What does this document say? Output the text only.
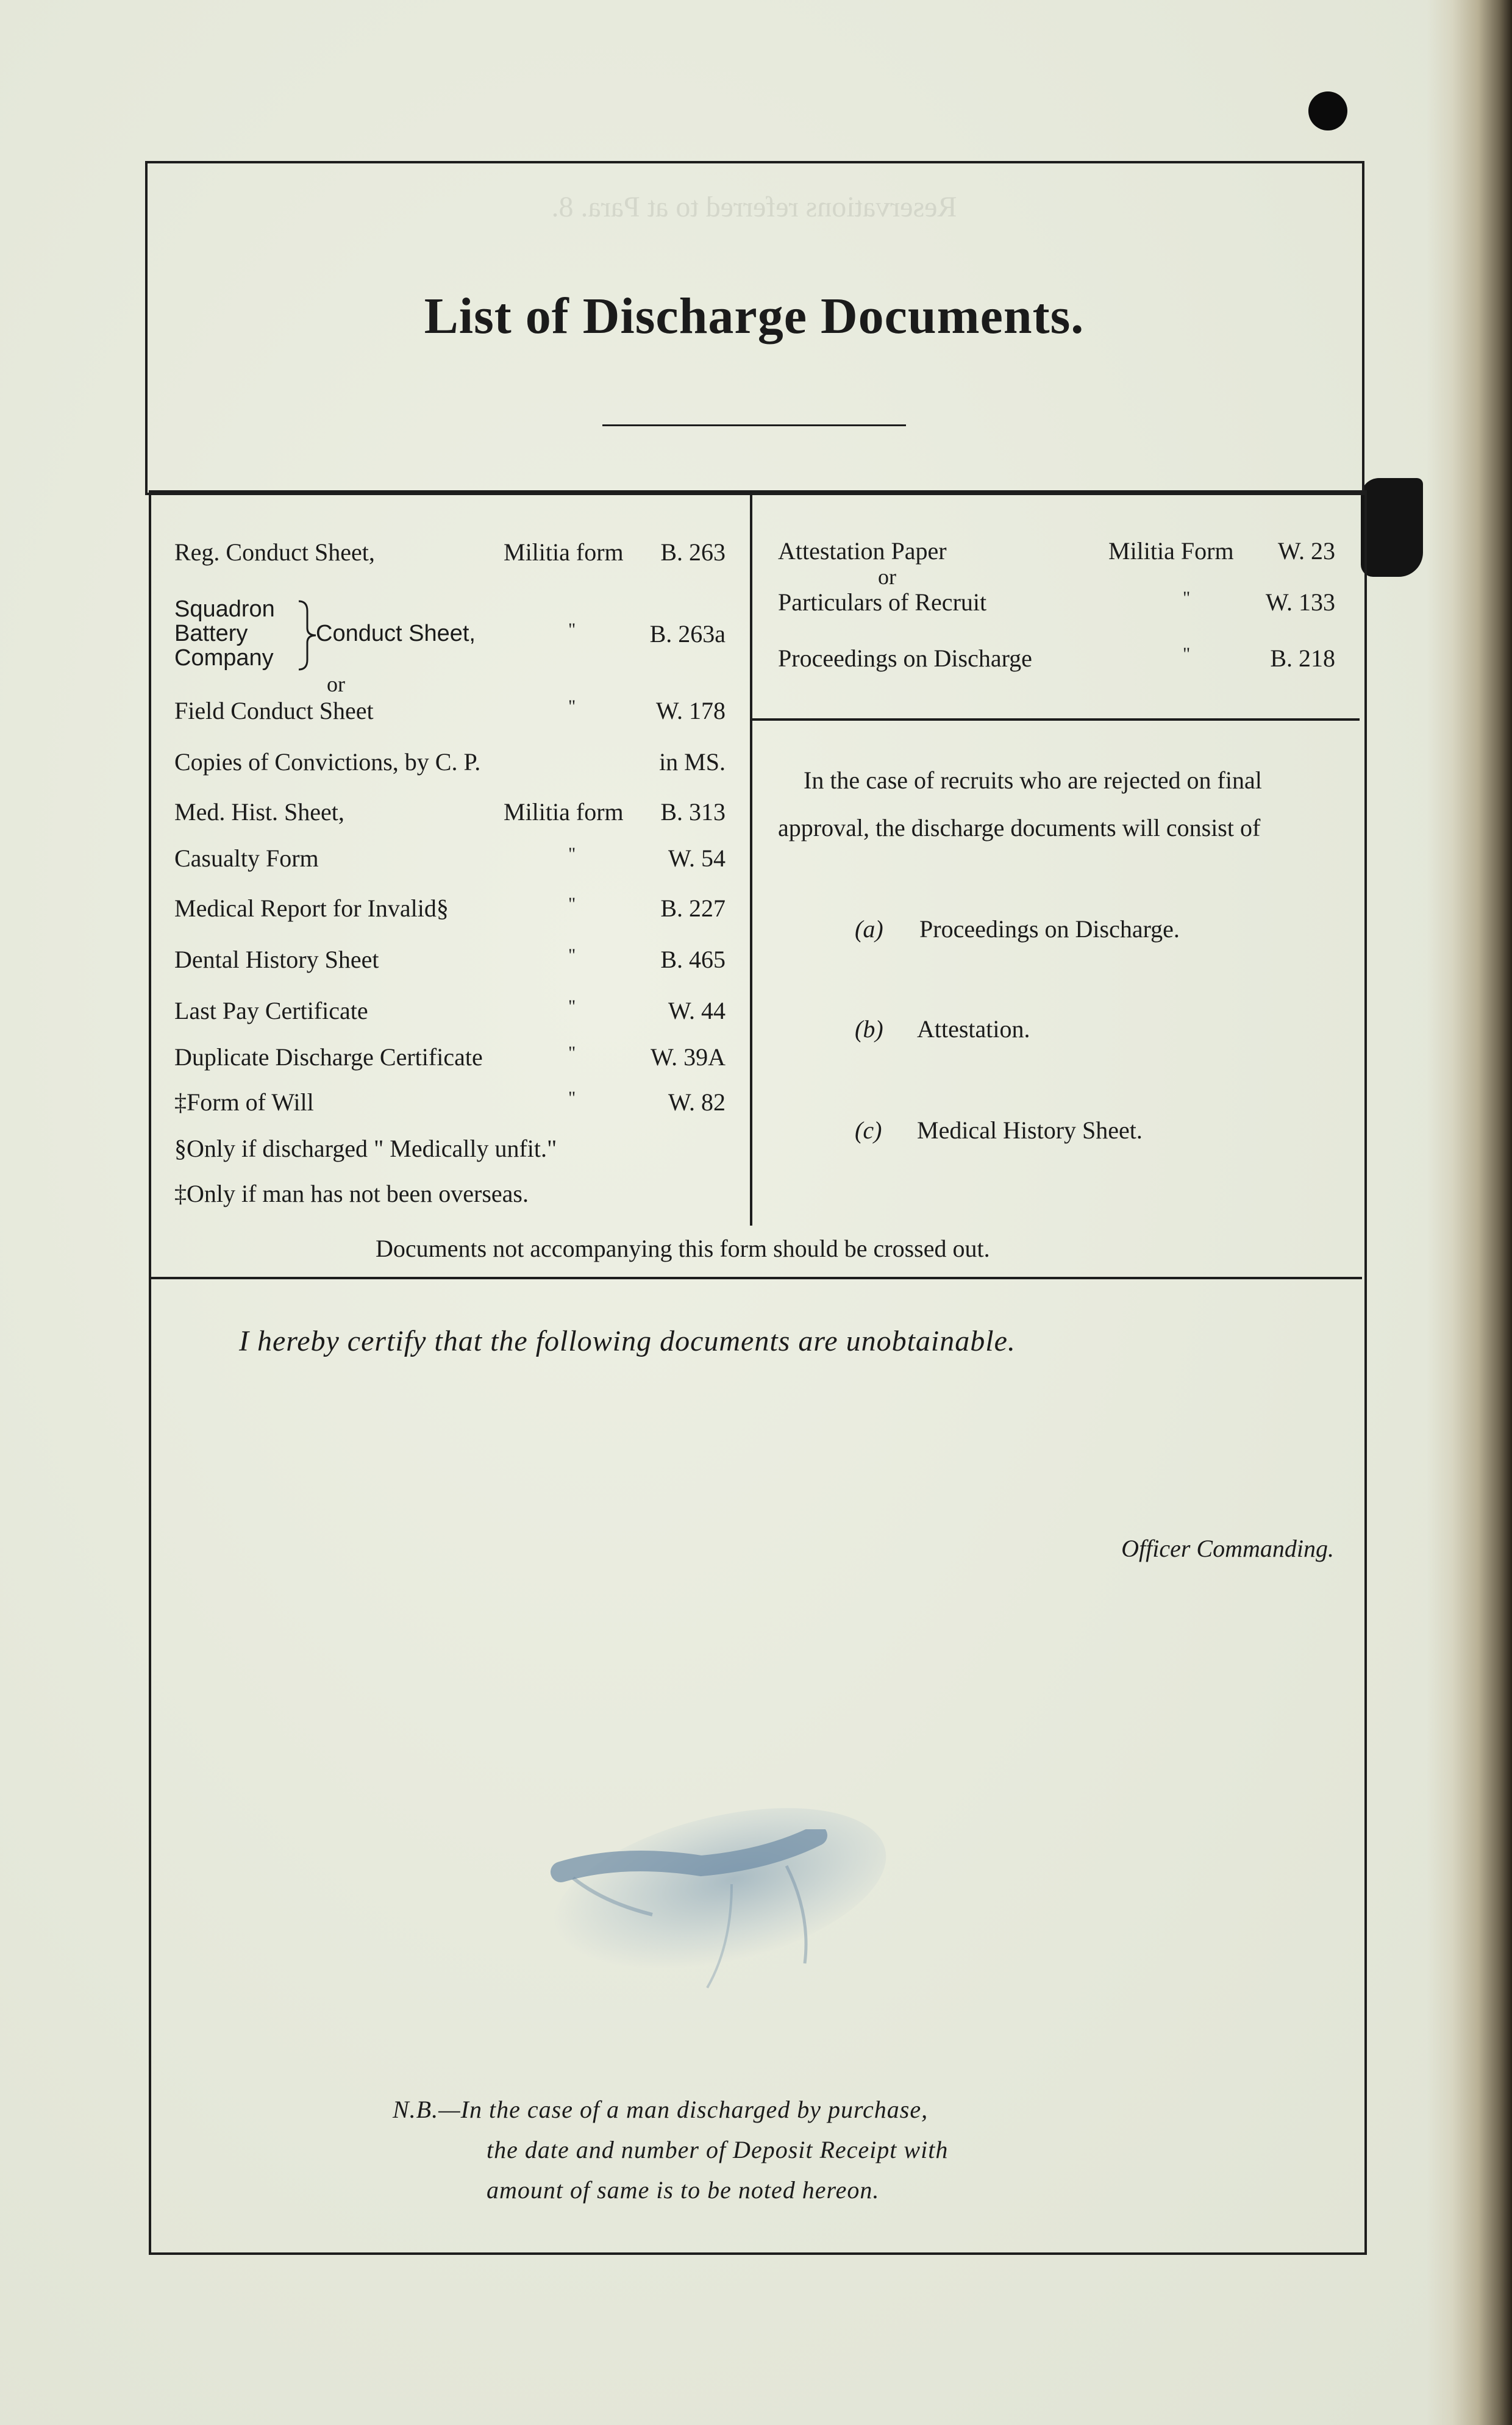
Reservations referred to at Para. 8.
List of Discharge Documents.
Reg. Conduct Sheet,	Militia form B. 263
Squadron
Battery
Company
Conduct Sheet,	"	B. 263a
or
Field Conduct Sheet	"	W. 178
Copies of Convictions, by C. P.	in MS.
Med. Hist. Sheet,	Militia form B. 313
Casualty Form	"	W. 54
Medical Report for Invalid§	"	B. 227
Dental History Sheet	"	B. 465
Last Pay Certificate	"	W. 44
Duplicate Discharge Certificate	"	W. 39A
‡Form of Will	"	W. 82
§Only if discharged " Medically unfit."
‡Only if man has not been overseas.
Attestation Paper	Militia Form W. 23
or
Particulars of Recruit	"	W. 133
Proceedings on Discharge	"	B. 218
In the case of recruits who are rejected on final
approval, the discharge documents will consist of
(a) Proceedings on Discharge.
(b) Attestation.
(c) Medical History Sheet.
Documents not accompanying this form should be crossed out.
I hereby certify that the following documents are unobtainable.
Officer Commanding.
N.B.—In the case of a man discharged by purchase,
the date and number of Deposit Receipt with
amount of same is to be noted hereon.
